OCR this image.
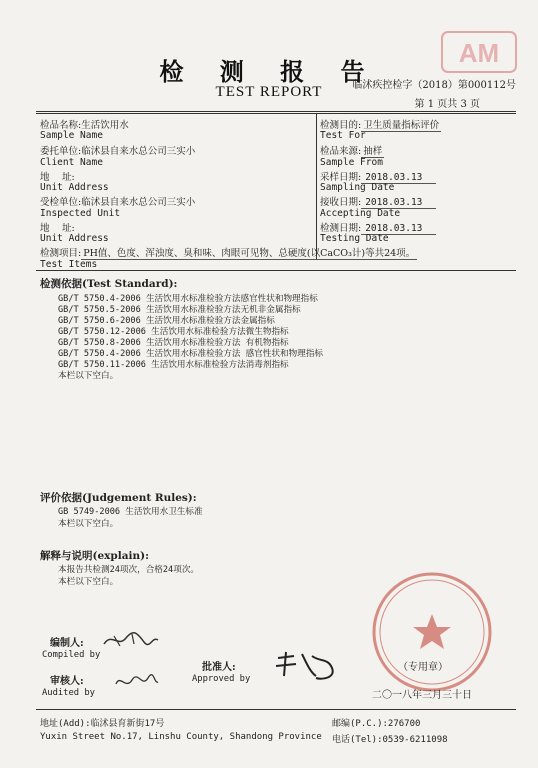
AM
检 测 报 告
TEST REPORT	临沭疾控检字（2018）第000112号
第 1 页共 3 页
检品名称:生活饮用水
Sample Name
委托单位:临沭县自来水总公司三实小
Client Name
地　 址:
Unit Address
受检单位:临沭县自来水总公司三实小
Inspected Unit
地　 址:
Unit Address
检测目的: 卫生质量指标评价
Test For
检品来源: 抽样
Sample From
采样日期: 2018.03.13
Sampling Date
接收日期: 2018.03.13
Accepting Date
检测日期: 2018.03.13
Testing Date
检测项目: PH值、色度、浑浊度、臭和味、肉眼可见物、总硬度(以CaCO₃计)等共24项。
Test Items
检测依据(Test Standard):
GB/T 5750.4-2006 生活饮用水标准检验方法感官性状和物理指标
GB/T 5750.5-2006 生活饮用水标准检验方法无机非金属指标
GB/T 5750.6-2006 生活饮用水标准检验方法金属指标
GB/T 5750.12-2006 生活饮用水标准检验方法微生物指标
GB/T 5750.8-2006 生活饮用水标准检验方法 有机物指标
GB/T 5750.4-2006 生活饮用水标准检验方法 感官性状和物理指标
GB/T 5750.11-2006 生活饮用水标准检验方法消毒剂指标
本栏以下空白。
评价依据(Judgement Rules):
GB 5749-2006 生活饮用水卫生标准
本栏以下空白。
解释与说明(explain):
本报告共检测24项次，合格24项次。
本栏以下空白。
编制人:
Compiled by
审核人:
Audited by
批准人:
Approved by
（专用章）
二〇一八年三月三十日
地址(Add):临沭县育新街17号
Yuxin Street No.17, Linshu County, Shandong Province
邮编(P.C.):276700
电话(Tel):0539-6211098
